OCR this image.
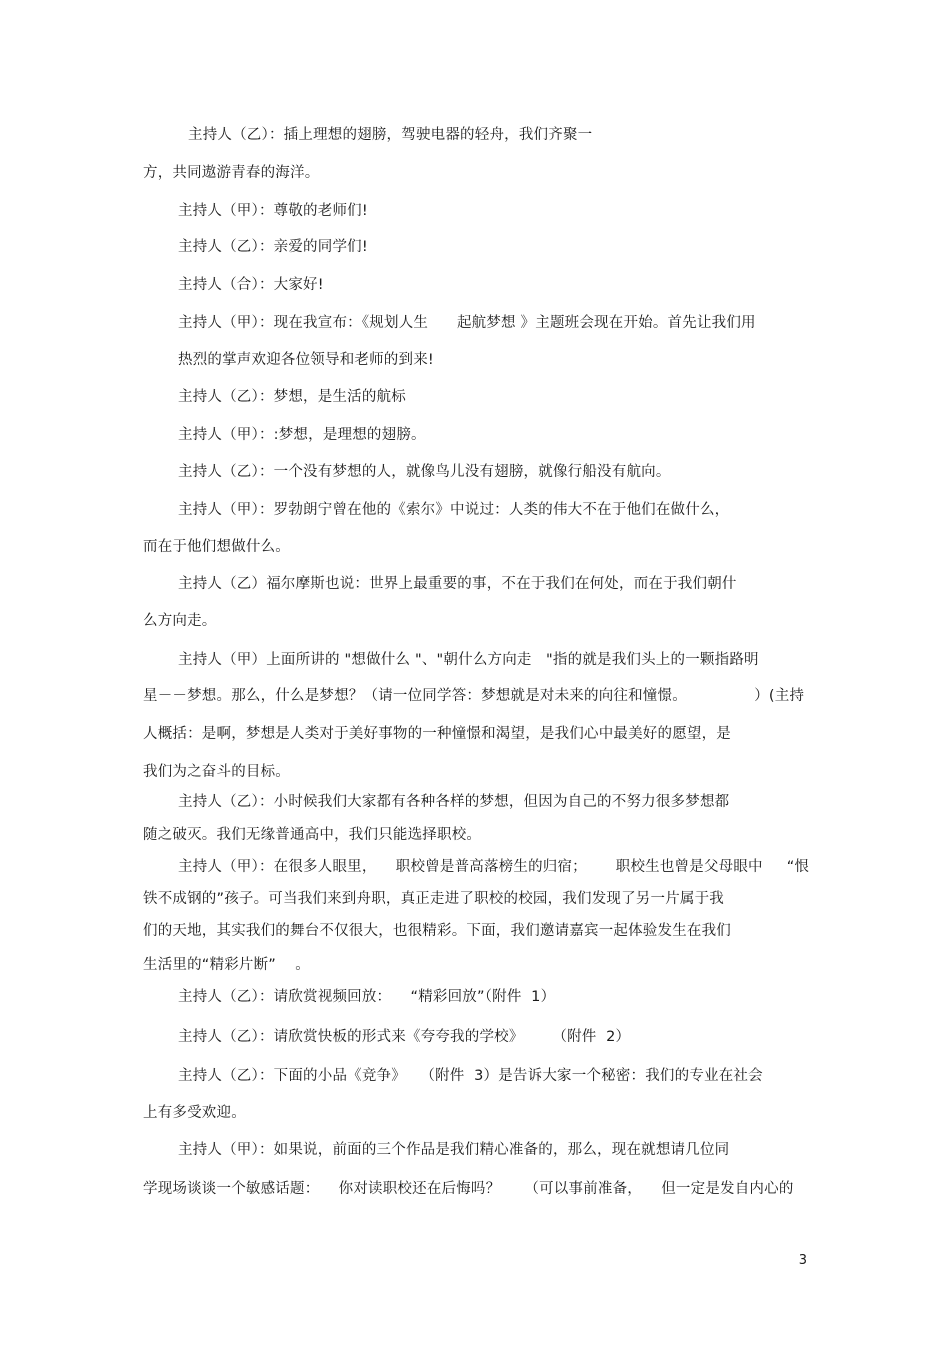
主持人（乙）：插上理想的翅膀，驾驶电器的轻舟，我们齐聚一
方，共同遨游青春的海洋。
主持人（甲）：尊敬的老师们!
主持人（乙）：亲爱的同学们!
主持人（合）：大家好!
主持人（甲）：现在我宣布：《规划人生      起航梦想 》主题班会现在开始。首先让我们用
热烈的掌声欢迎各位领导和老师的到来!
主持人（乙）：梦想，是生活的航标
主持人（甲）：:梦想，是理想的翅膀。
主持人（乙）：一个没有梦想的人，就像鸟儿没有翅膀，就像行船没有航向。
主持人（甲）：罗勃朗宁曾在他的《索尔》中说过：人类的伟大不在于他们在做什么，
而在于他们想做什么。
主持人（乙）福尔摩斯也说：世界上最重要的事，不在于我们在何处，而在于我们朝什
么方向走。
主持人（甲）上面所讲的 "想做什么 "、"朝什么方向走   "指的就是我们头上的一颗指路明
星－－梦想。那么，什么是梦想？（请一位同学答：梦想就是对未来的向往和憧憬。              ）(主持
人概括：是啊，梦想是人类对于美好事物的一种憧憬和渴望，是我们心中最美好的愿望，是
我们为之奋斗的目标。
主持人（乙）：小时候我们大家都有各种各样的梦想，但因为自己的不努力很多梦想都
随之破灭。我们无缘普通高中，我们只能选择职校。
主持人（甲）：在很多人眼里，    职校曾是普高落榜生的归宿；      职校生也曾是父母眼中     “恨
铁不成钢的”孩子。可当我们来到舟职，真正走进了职校的校园，我们发现了另一片属于我
们的天地，其实我们的舞台不仅很大，也很精彩。下面，我们邀请嘉宾一起体验发生在我们
生活里的“精彩片断”    。
主持人（乙）：请欣赏视频回放：    “精彩回放”（附件  1）
主持人（乙）：请欣赏快板的形式来《夸夸我的学校》      （附件  2）
主持人（乙）：下面的小品《竞争》   （附件  3）是告诉大家一个秘密：我们的专业在社会
上有多受欢迎。
主持人（甲）：如果说，前面的三个作品是我们精心准备的，那么，现在就想请几位同
学现场谈谈一个敏感话题：    你对读职校还在后悔吗？     （可以事前准备，    但一定是发自内心的
3
